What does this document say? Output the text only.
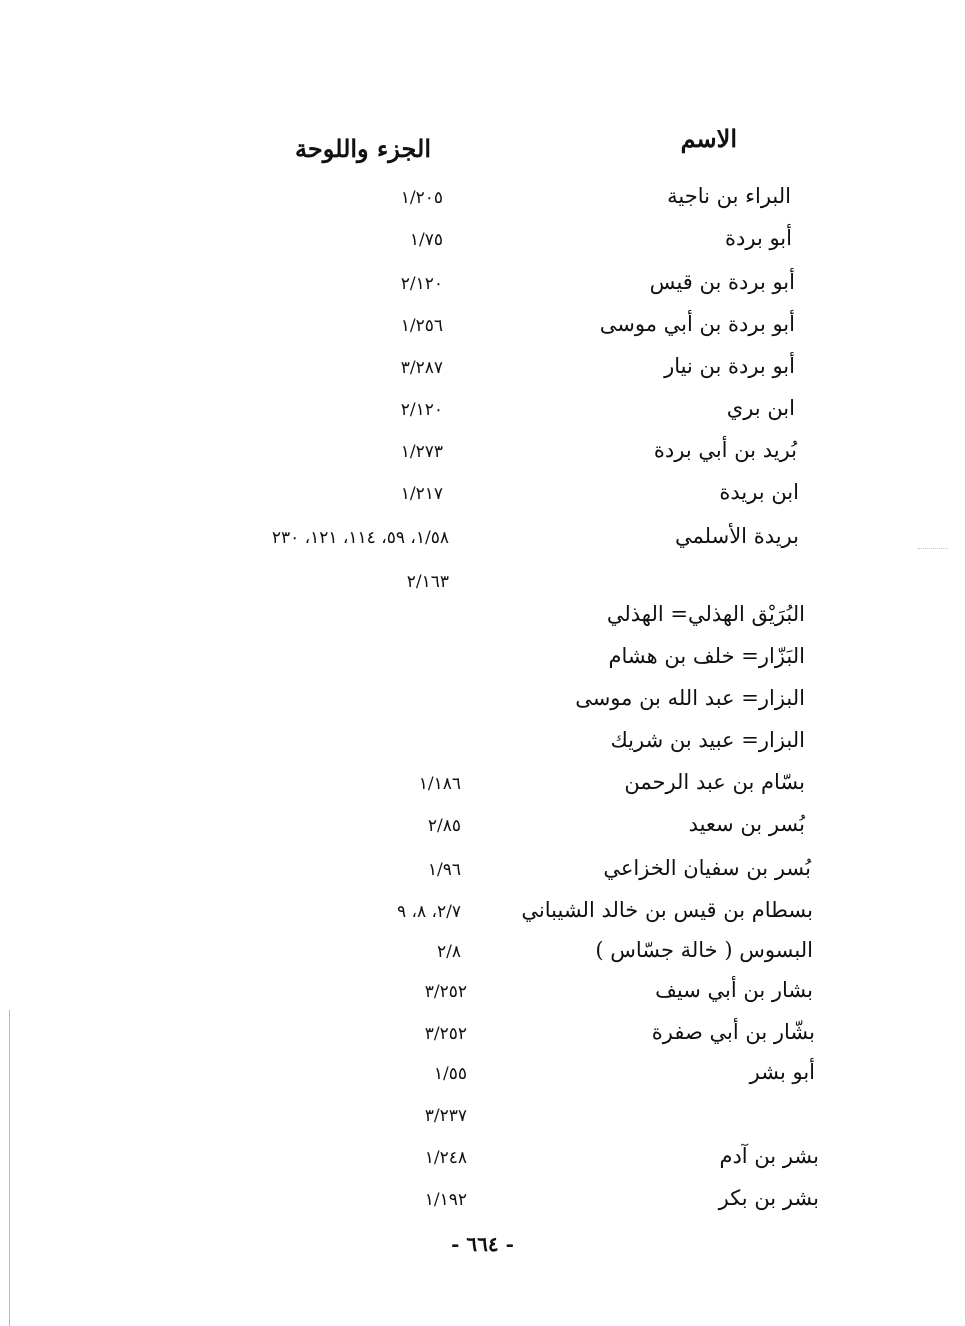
الاسم
الجزء واللوحة
البراء بن ناجية
١/٢٠٥
أبو بردة
١/٧٥
أبو بردة بن قيس
٢/١٢٠
أبو بردة بن أبي موسى
١/٢٥٦
أبو بردة بن نيار
٣/٢٨٧
ابن بري
٢/١٢٠
بُريد بن أبي بردة
١/٢٧٣
ابن بريدة
١/٢١٧
بريدة الأسلمي
١/٥٨، ٥٩، ١١٤، ١٢١، ٢٣٠
٢/١٦٣
البُرَيْق الهذلي= الهذلي
البَزّار= خلف بن هشام
البزار= عبد الله بن موسى
البزار= عبيد بن شريك
بسّام بن عبد الرحمن
١/١٨٦
بُسر بن سعيد
٢/٨٥
بُسر بن سفيان الخزاعي
١/٩٦
بسطام بن قيس بن خالد الشيباني
٢/٧، ٨، ٩
البسوس ( خالة جسّاس )
٢/٨
بشار بن أبي سيف
٣/٢٥٢
بشّار بن أبي صفرة
٣/٢٥٢
أبو بشر
١/٥٥
٣/٢٣٧
بشر بن آدم
١/٢٤٨
بشر بن بكر
١/١٩٢
- ٦٦٤ -
